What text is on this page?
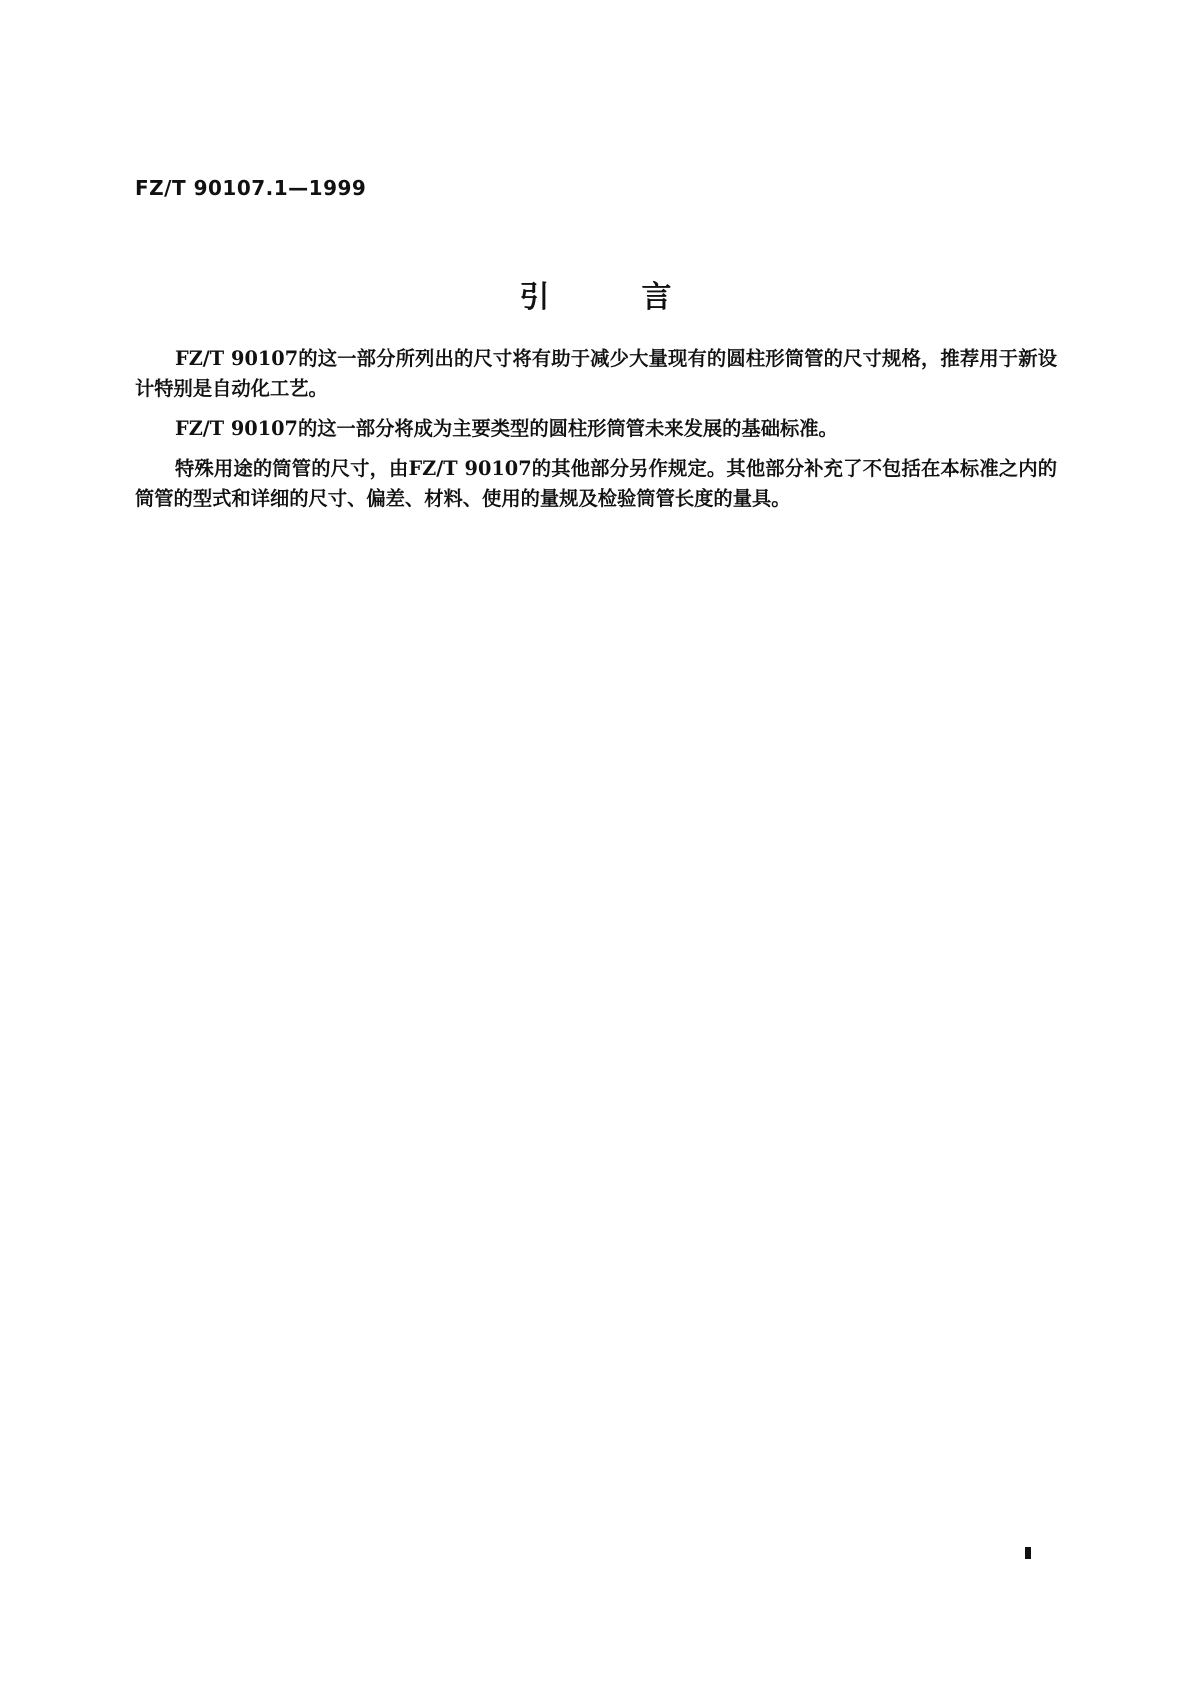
FZ/T 90107.1—1999
引	言

FZ/T 90107的这一部分所列出的尺寸将有助于减少大量现有的圆柱形筒管的尺寸规格，推荐用于新设计特别是自动化工艺。

FZ/T 90107的这一部分将成为主要类型的圆柱形筒管未来发展的基础标准。

特殊用途的筒管的尺寸，由FZ/T 90107的其他部分另作规定。其他部分补充了不包括在本标准之内的筒管的型式和详细的尺寸、偏差、材料、使用的量规及检验筒管长度的量具。
